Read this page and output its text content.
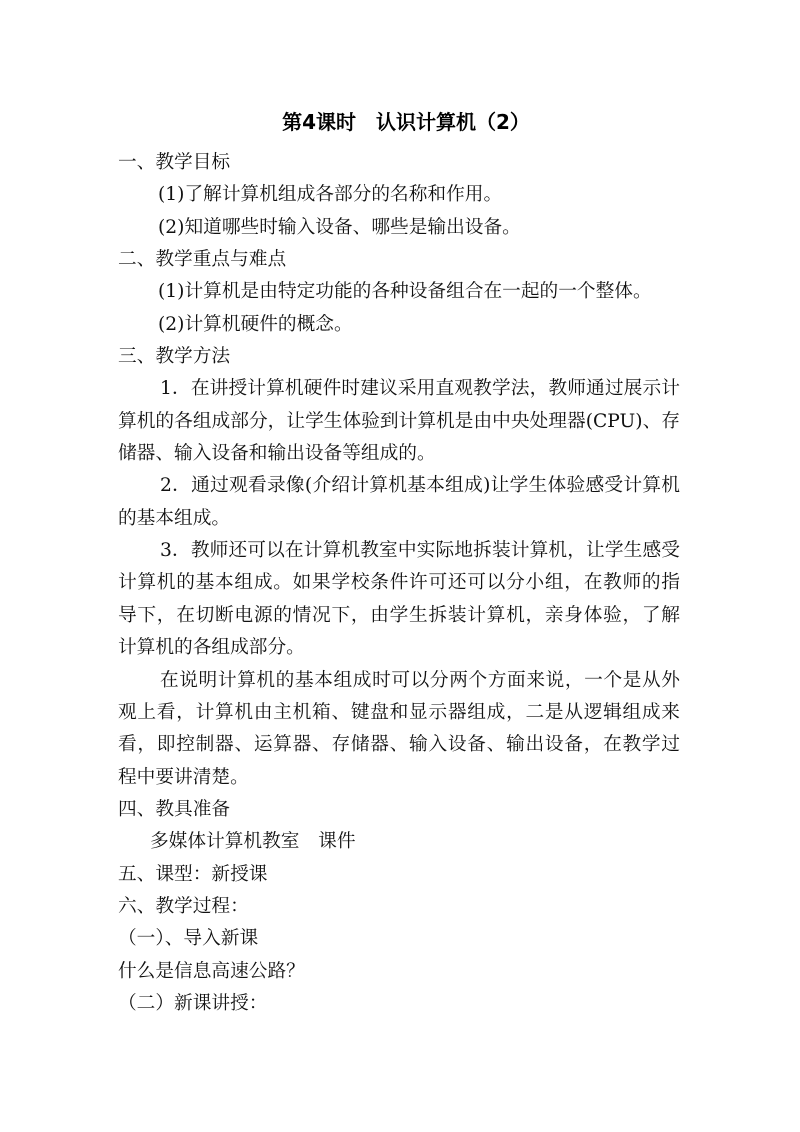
第4课时　认识计算机（2）
一、教学目标
(1)了解计算机组成各部分的名称和作用。
(2)知道哪些时输入设备、哪些是输出设备。
二、教学重点与难点
(1)计算机是由特定功能的各种设备组合在一起的一个整体。
(2)计算机硬件的概念。
三、教学方法
1．在讲授计算机硬件时建议采用直观教学法，教师通过展示计
算机的各组成部分，让学生体验到计算机是由中央处理器(CPU)、存
储器、输入设备和输出设备等组成的。
2．通过观看录像(介绍计算机基本组成)让学生体验感受计算机
的基本组成。
3．教师还可以在计算机教室中实际地拆装计算机，让学生感受
计算机的基本组成。如果学校条件许可还可以分小组，在教师的指
导下，在切断电源的情况下，由学生拆装计算机，亲身体验，了解
计算机的各组成部分。
在说明计算机的基本组成时可以分两个方面来说，一个是从外
观上看，计算机由主机箱、键盘和显示器组成，二是从逻辑组成来
看，即控制器、运算器、存储器、输入设备、输出设备，在教学过
程中要讲清楚。
四、教具准备
多媒体计算机教室　课件
五、课型：新授课
六、教学过程：
（一）、导入新课
什么是信息高速公路？
（二）新课讲授：
